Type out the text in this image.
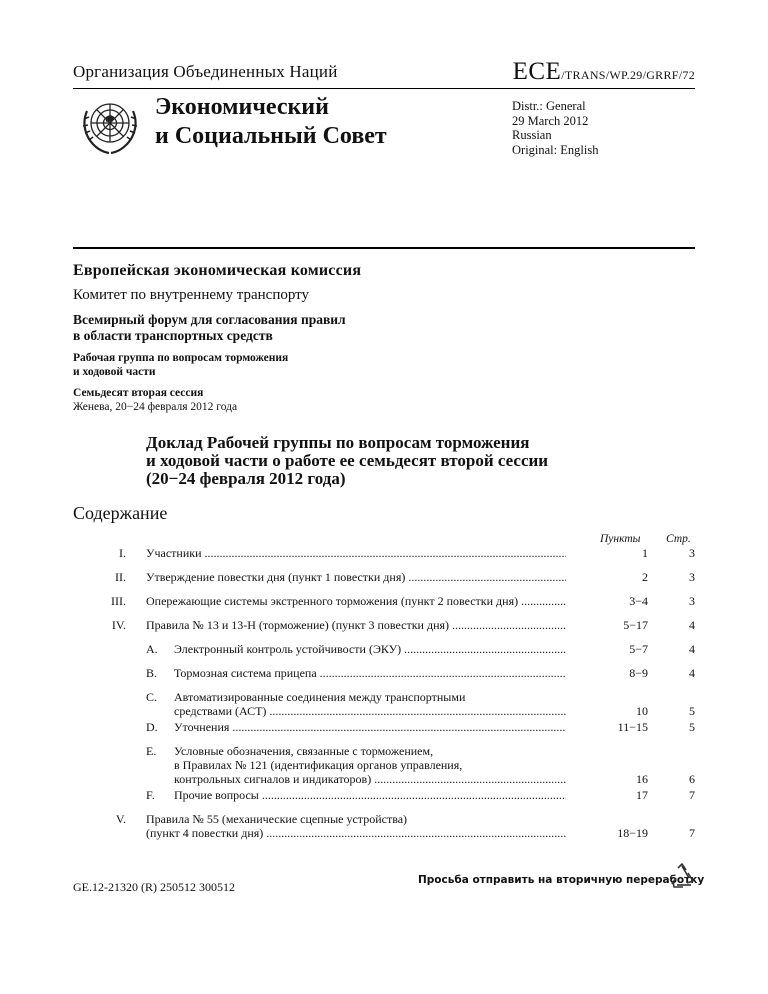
Организация Объединенных Наций	ECE/TRANS/WP.29/GRRF/72
Экономический
и Социальный Совет
Distr.: General
29 March 2012
Russian
Original: English
Европейская экономическая комиссия
Комитет по внутреннему транспорту
Всемирный форум для согласования правил
в области транспортных средств
Рабочая группа по вопросам торможения
и ходовой части
Семьдесят вторая сессия
Женева, 20−24 февраля 2012 года
Доклад Рабочей группы по вопросам торможения
и ходовой части о работе ее семьдесят второй сессии
(20−24 февраля 2012 года)
Содержание
Пункты Стр.
I. Участники .....	1	3
II. Утверждение повестки дня (пункт 1 повестки дня) .....	2	3
III. Опережающие системы экстренного торможения (пункт 2 повестки дня) .....	3−4	3
IV. Правила № 13 и 13-H (торможение) (пункт 3 повестки дня) .....	5−17	4
A. Электронный контроль устойчивости (ЭКУ) .....	5−7	4
B. Тормозная система прицепа .....	8−9	4
C. Автоматизированные соединения между транспортными
средствами (АСТ) .....	10	5
D. Уточнения .....	11−15	5
E. Условные обозначения, связанные с торможением,
в Правилах № 121 (идентификация органов управления,
контрольных сигналов и индикаторов) .....	16	6
F. Прочие вопросы .....	17	7
V. Правила № 55 (механические сцепные устройства)
(пункт 4 повестки дня) .....	18−19	7
GE.12-21320 (R) 250512 300512	Просьба отправить на вторичную переработку
